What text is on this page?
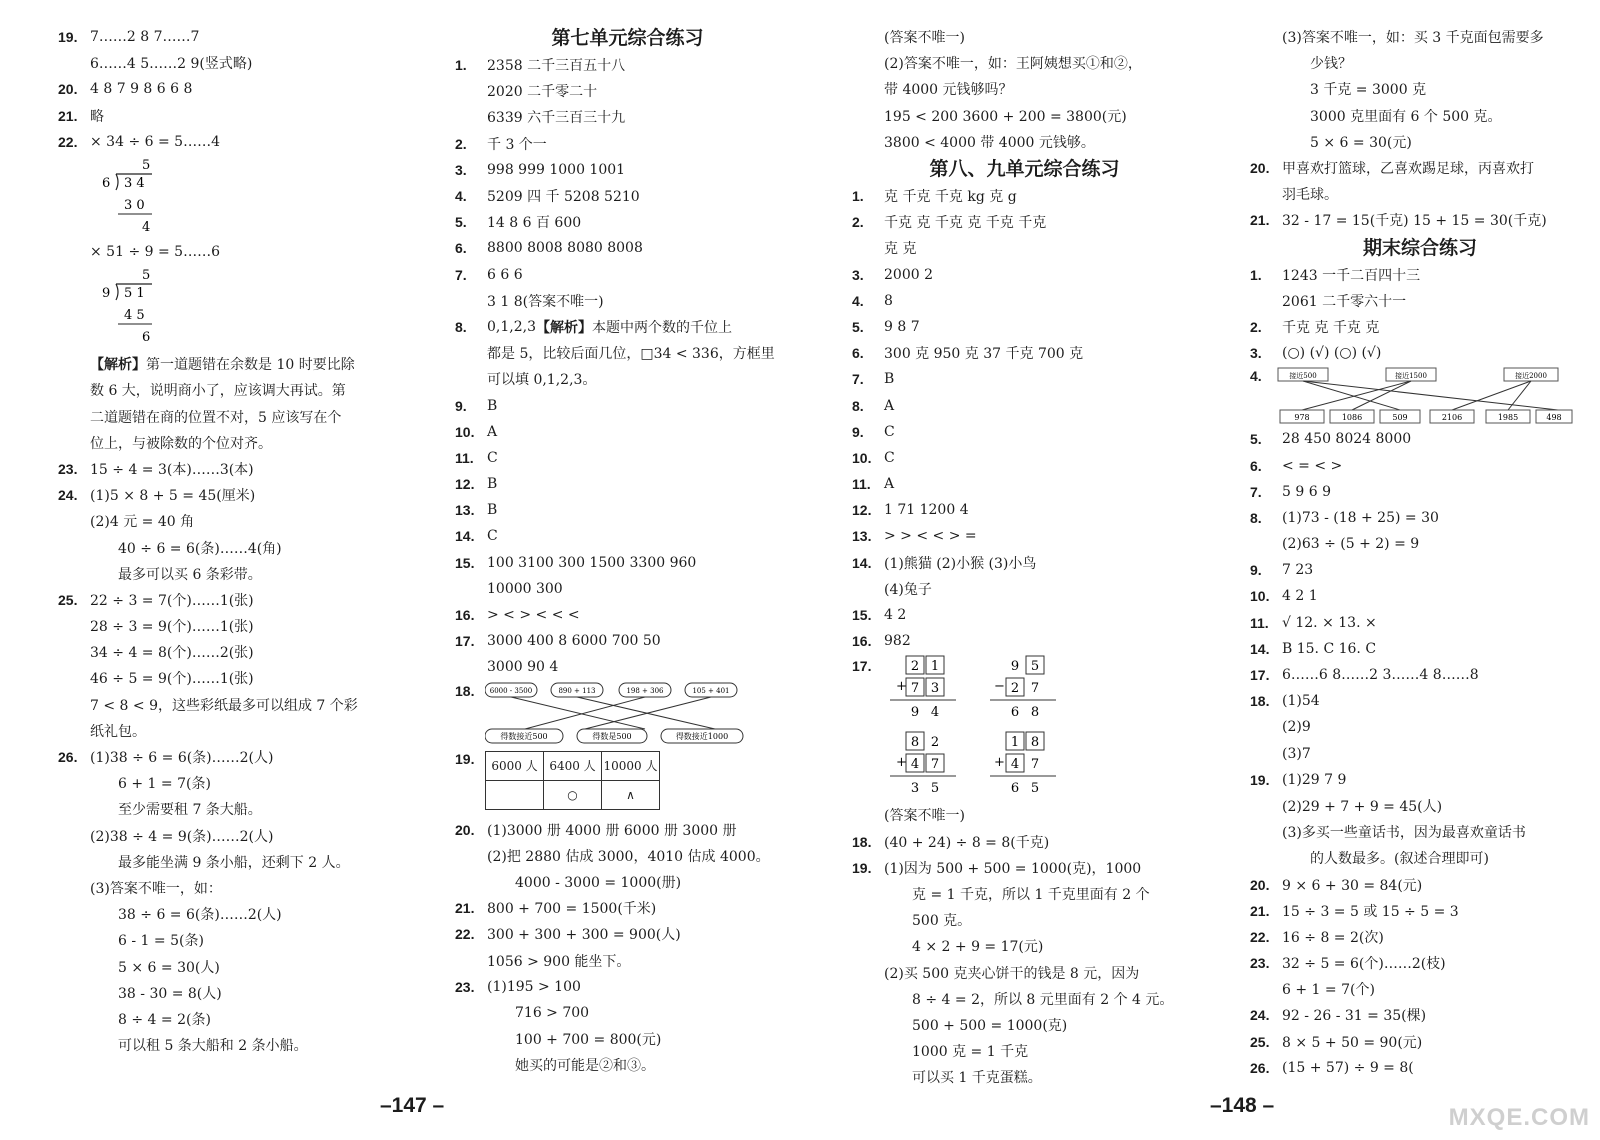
19. 7……2 8 7……7
6……4 5……2 9(竖式略)
20. 4 8 7 9 8 6 6 8
21. 略
22. × 34 ÷ 6 = 5……4
5
6 3 4
3 0
4
× 51 ÷ 9 = 5……6
5
9 5 1
4 5
6
【解析】 第一道题错在余数是 10 时要比除
数 6 大，说明商小了，应该调大再试。第
二道题错在商的位置不对，5 应该写在个
位上，与被除数的个位对齐。
23. 15 ÷ 4 = 3(本)……3(本)
24. (1)5 × 8 + 5 = 45(厘米)
(2)4 元 = 40 角
40 ÷ 6 = 6(条)……4(角)
最多可以买 6 条彩带。
25. 22 ÷ 3 = 7(个)……1(张)
28 ÷ 3 = 9(个)……1(张)
34 ÷ 4 = 8(个)……2(张)
46 ÷ 5 = 9(个)……1(张)
7 < 8 < 9，这些彩纸最多可以组成 7 个彩
纸礼包。
26. (1)38 ÷ 6 = 6(条)……2(人)
6 + 1 = 7(条)
至少需要租 7 条大船。
(2)38 ÷ 4 = 9(条)……2(人)
最多能坐满 9 条小船，还剩下 2 人。
(3)答案不唯一，如：
38 ÷ 6 = 6(条)……2(人)
6 - 1 = 5(条)
5 × 6 = 30(人)
38 - 30 = 8(人)
8 ÷ 4 = 2(条)
可以租 5 条大船和 2 条小船。
第七单元综合练习
1.	2358 二千三百五十八
2020 二千零二十
6339 六千三百三十九
2.	千 3 个一
3.	998 999 1000 1001
4.	5209 四 千 5208 5210
5.	14 8 6 百 600
6.	8800 8008 8080 8008
7.	6 6 6
3 1 8(答案不唯一)
8.	0,1,2,3 【解析】 本题中两个数的千位上
都是 5，比较后面几位，□34 < 336，方框里
可以填 0,1,2,3。
9.	B
10. A
11. C
12. B
13. B
14. C
15. 100 3100 300 1500 3300 960
10000 300
16. > < > < < <
17. 3000 400 8 6000 700 50
3000 90 4
18.	6000 - 3500	890 + 113	198 + 306	105 + 401
得数接近500	得数是500	得数接近1000
19.	6000 人	6400 人	10000 人
	○	∧
20. (1)3000 册 4000 册 6000 册 3000 册
(2)把 2880 估成 3000，4010 估成 4000。
4000 - 3000 = 1000(册)
21. 800 + 700 = 1500(千米)
22. 300 + 300 + 300 = 900(人)
1056 > 900 能坐下。
23. (1)195 > 100
716 > 700
100 + 700 = 800(元)
她买的可能是②和③。
(答案不唯一)
(2)答案不唯一，如：王阿姨想买①和②，
带 4000 元钱够吗？
195 < 200 3600 + 200 = 3800(元)
3800 < 4000 带 4000 元钱够。
第八、九单元综合练习
1.	克 千克 千克 kg 克 g
2.	千克 克 千克 克 千克 千克
克 克
3.	2000 2
4.	8
5.	9 8 7
6.	300 克 950 克 37 千克 700 克
7.	B
8.	A
9.	C
10. C
11. A
12. 1 71 1200 4
13. > > < < > =
14. (1)熊猫 (2)小猴 (3)小鸟
(4)兔子
15. 4 2
16. 982
17.	2 1
+ 7 3
9 4
9 5
− 2 7
6 8
8 2
+ 4 7
3 5
1 8
+ 4 7
6 5
(答案不唯一)
18. (40 + 24) ÷ 8 = 8(千克)
19. (1)因为 500 + 500 = 1000(克)，1000
克 = 1 千克，所以 1 千克里面有 2 个
500 克。
4 × 2 + 9 = 17(元)
(2)买 500 克夹心饼干的钱是 8 元，因为
8 ÷ 4 = 2，所以 8 元里面有 2 个 4 元。
500 + 500 = 1000(克)
1000 克 = 1 千克
可以买 1 千克蛋糕。
(3)答案不唯一，如：买 3 千克面包需要多
少钱？
3 千克 = 3000 克
3000 克里面有 6 个 500 克。
5 × 6 = 30(元)
20. 甲喜欢打篮球，乙喜欢踢足球，丙喜欢打
羽毛球。
21. 32 - 17 = 15(千克) 15 + 15 = 30(千克)
期末综合练习
1.	1243 一千二百四十三
2061 二千零六十一
2.	千克 克 千克 克
3.	(○) (√) (○) (√)
4.	接近500	接近1500	接近2000
978	1086	509	2106	1985	498
5.	28 450 8024 8000
6.	< = < >
7.	5 9 6 9
8.	(1)73 - (18 + 25) = 30
(2)63 ÷ (5 + 2) = 9
9.	7 23
10. 4 2 1
11. √ 12. × 13. ×
14. B 15. C 16. C
17. 6……6 8……2 3……4 8……8
18. (1)54
(2)9
(3)7
19. (1)29 7 9
(2)29 + 7 + 9 = 45(人)
(3)多买一些童话书，因为最喜欢童话书
的人数最多。(叙述合理即可)
20. 9 × 6 + 30 = 84(元)
21. 15 ÷ 3 = 5 或 15 ÷ 5 = 3
22. 16 ÷ 8 = 2(次)
23. 32 ÷ 5 = 6(个)……2(枝)
6 + 1 = 7(个)
24. 92 - 26 - 31 = 35(棵)
25. 8 × 5 + 50 = 90(元)
26. (15 + 57) ÷ 9 = 8(
–147 –	–148 –	MXQE.COM
